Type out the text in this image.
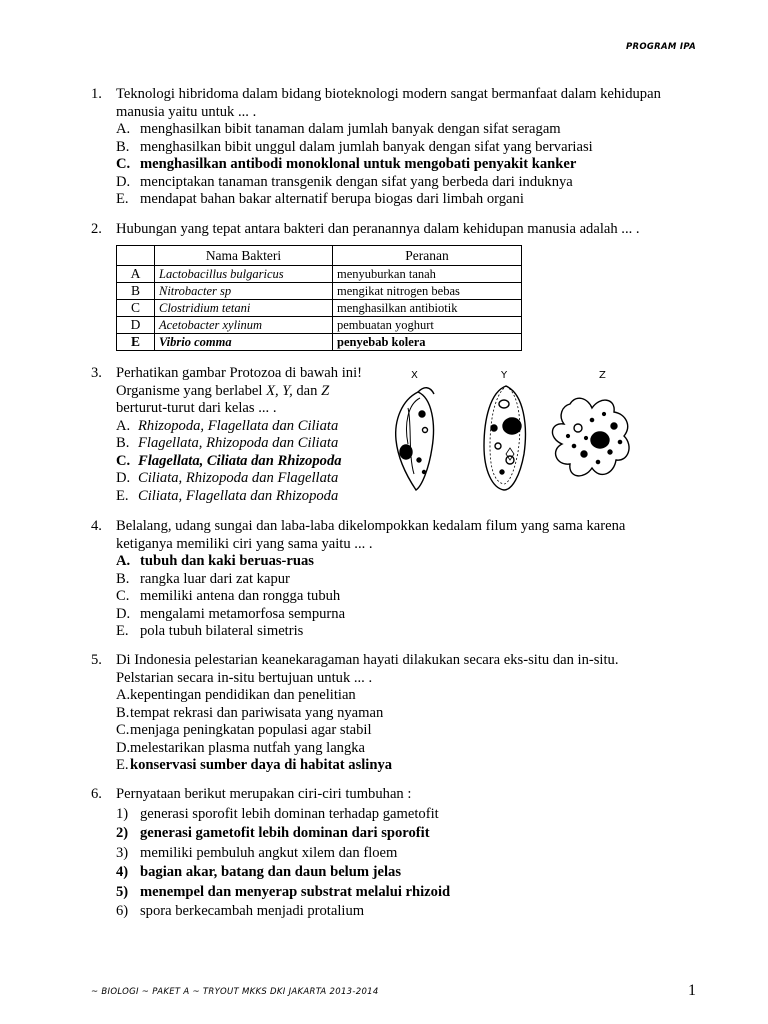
PROGRAM IPA
1. Teknologi hibridoma dalam bidang bioteknologi modern sangat bermanfaat dalam kehidupan
manusia yaitu untuk ... .
A. menghasilkan bibit tanaman dalam jumlah banyak dengan sifat seragam
B. menghasilkan bibit unggul dalam jumlah banyak dengan sifat yang bervariasi
C. menghasilkan antibodi monoklonal untuk mengobati penyakit kanker
D. menciptakan tanaman transgenik dengan sifat yang berbeda dari induknya
E. mendapat bahan bakar alternatif berupa biogas dari limbah organi
2. Hubungan yang tepat antara bakteri dan peranannya dalam kehidupan manusia adalah ... .
	Nama Bakteri	Peranan
A	Lactobacillus bulgaricus	menyuburkan tanah
B	Nitrobacter sp	mengikat nitrogen bebas
C	Clostridium tetani	menghasilkan antibiotik
D	Acetobacter xylinum	pembuatan yoghurt
E	Vibrio comma	penyebab kolera
3. Perhatikan gambar Protozoa di bawah ini!
Organisme yang berlabel X, Y, dan Z
berturut-turut dari kelas ... .
A. Rhizopoda, Flagellata dan Ciliata
B. Flagellata, Rhizopoda dan Ciliata
C. Flagellata, Ciliata dan Rhizopoda
D. Ciliata, Rhizopoda dan Flagellata
E. Ciliata, Flagellata dan Rhizopoda
X	Y	Z
4. Belalang, udang sungai dan laba-laba dikelompokkan kedalam filum yang sama karena
ketiganya memiliki ciri yang sama yaitu ... .
A. tubuh dan kaki beruas-ruas
B. rangka luar dari zat kapur
C. memiliki antena dan rongga tubuh
D. mengalami metamorfosa sempurna
E. pola tubuh bilateral simetris
5. Di Indonesia pelestarian keanekaragaman hayati dilakukan secara eks-situ dan in-situ.
Pelstarian secara in-situ bertujuan untuk ... .
A. kepentingan pendidikan dan penelitian
B. tempat rekrasi dan pariwisata yang nyaman
C. menjaga peningkatan populasi agar stabil
D. melestarikan plasma nutfah yang langka
E. konservasi sumber daya di habitat aslinya
6. Pernyataan berikut merupakan ciri-ciri tumbuhan :
1) generasi sporofit lebih dominan terhadap gametofit
2) generasi gametofit lebih dominan dari sporofit
3) memiliki pembuluh angkut xilem dan floem
4) bagian akar, batang dan daun belum jelas
5) menempel dan menyerap substrat melalui rhizoid
6) spora berkecambah menjadi protalium
~ BIOLOGI ~ PAKET A ~ TRYOUT MKKS DKI JAKARTA 2013-2014	1
